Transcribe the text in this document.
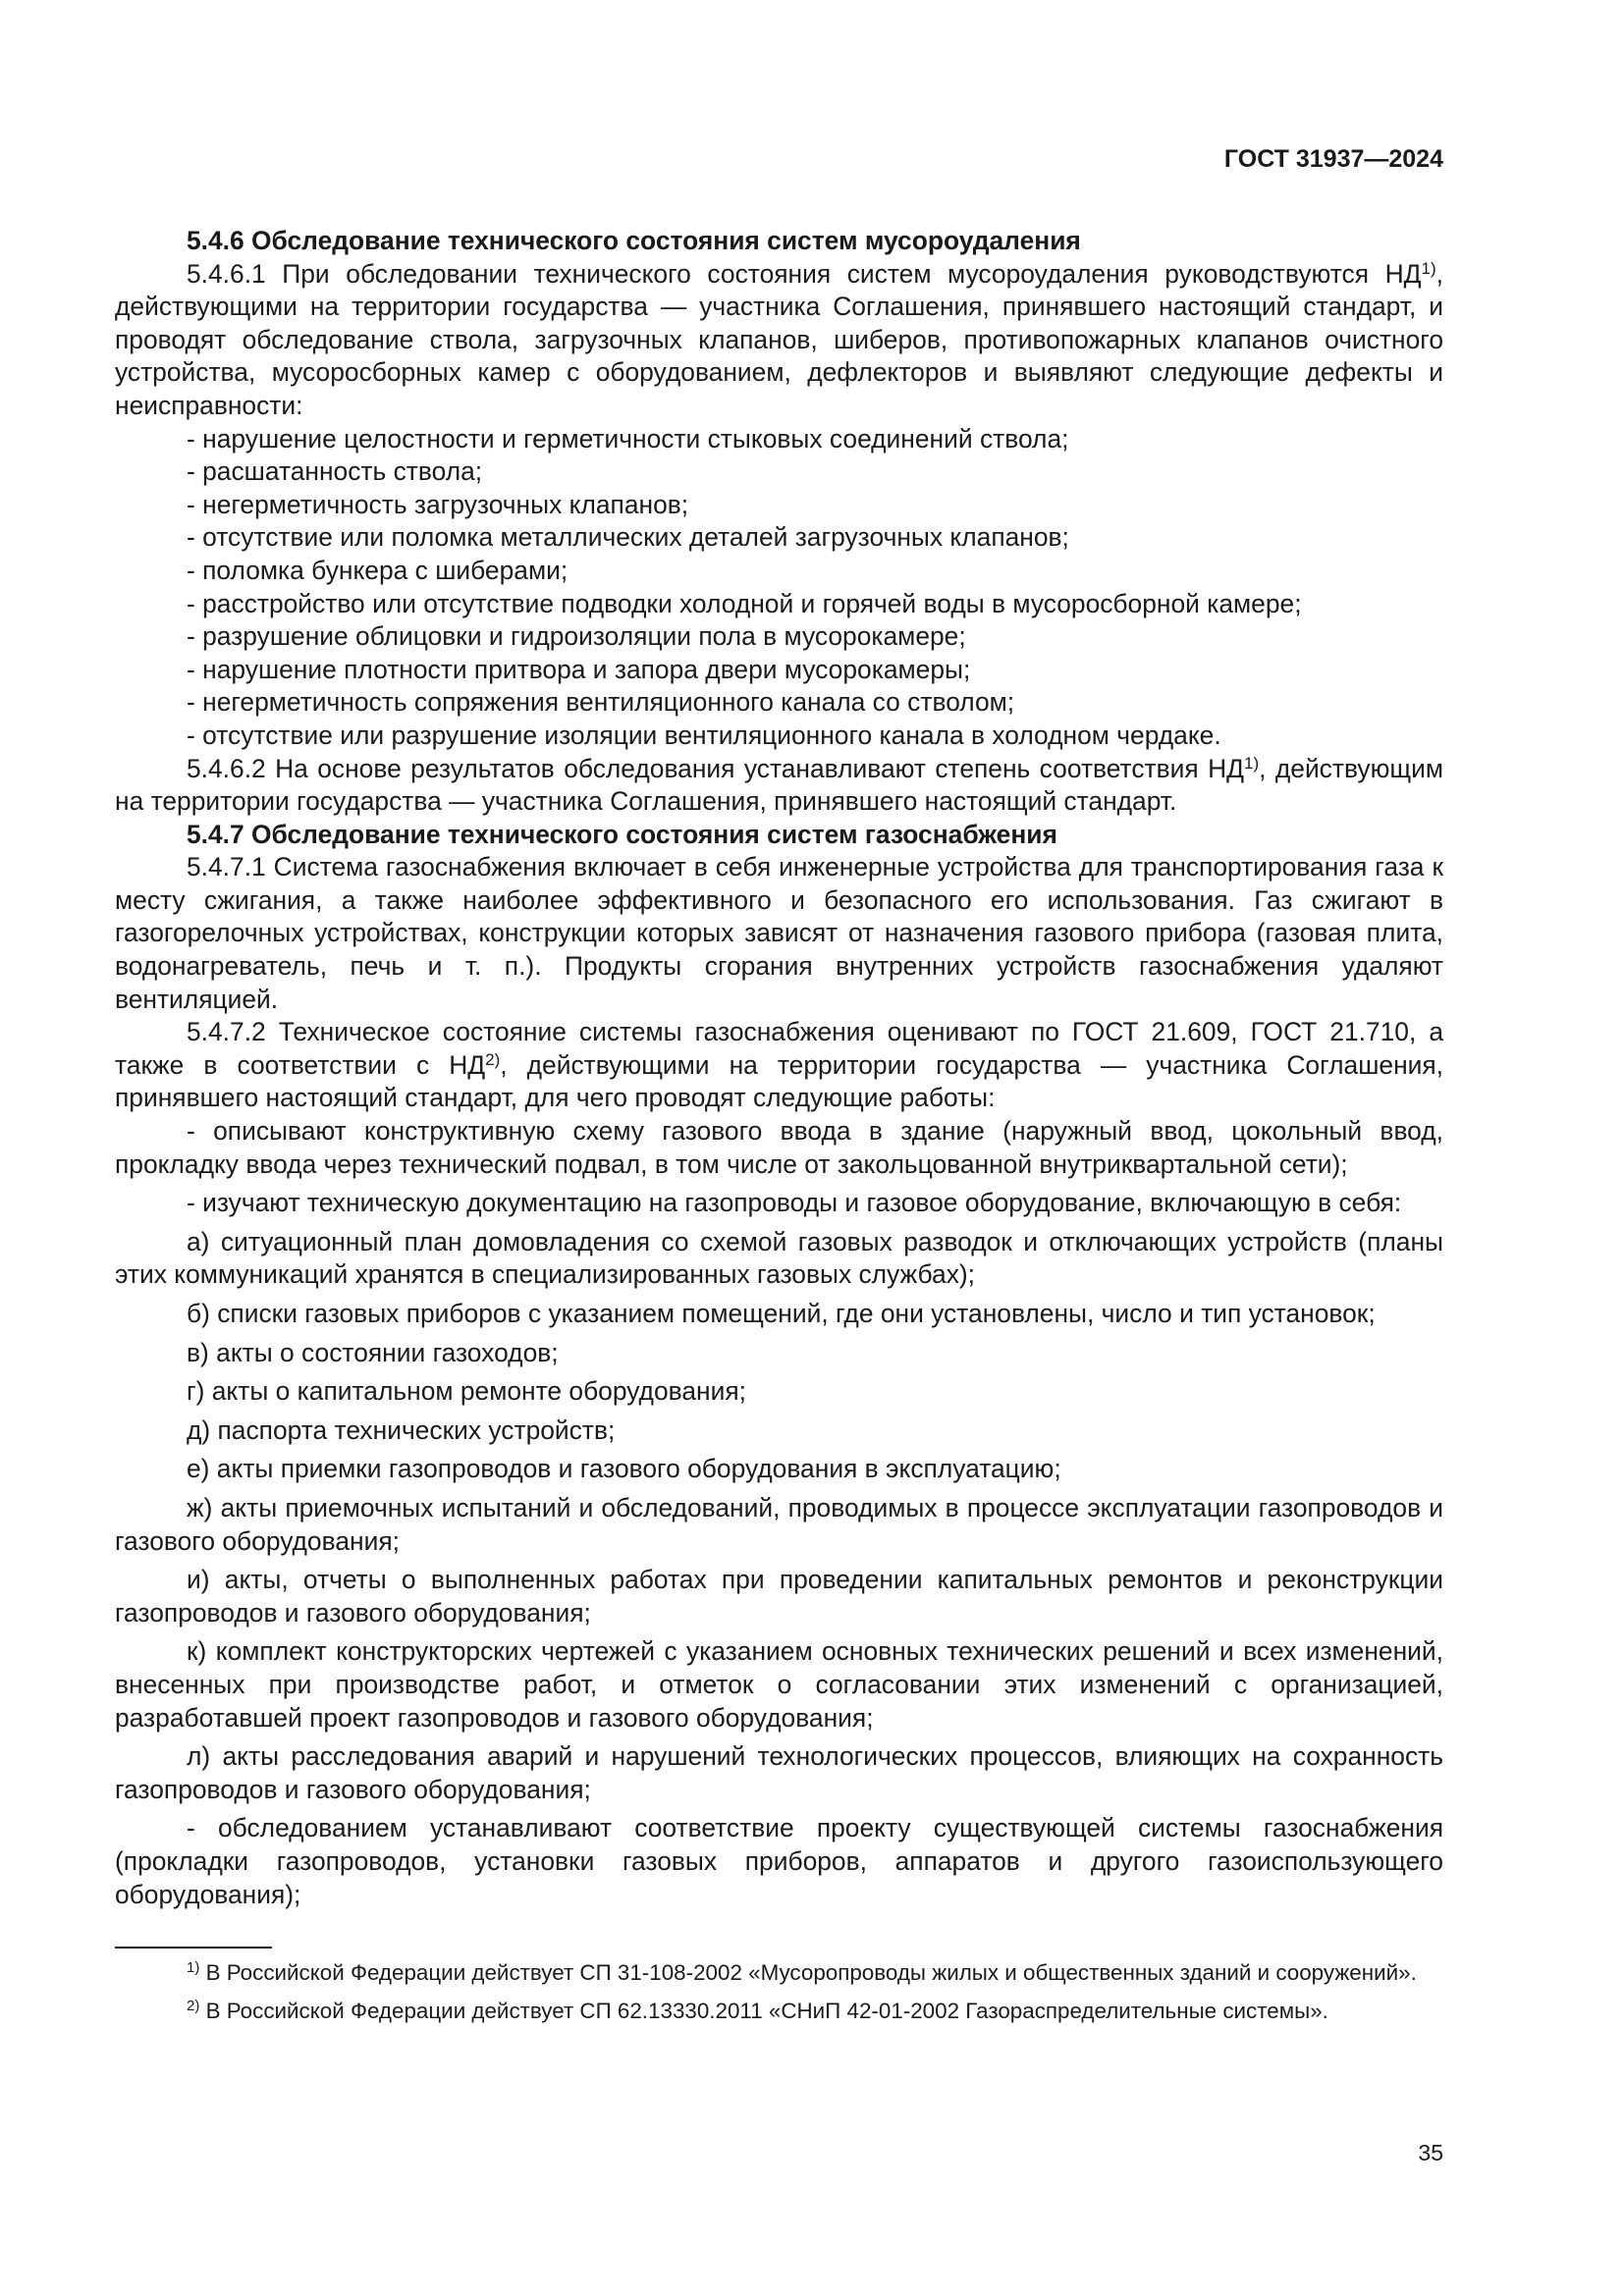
ГОСТ 31937—2024

5.4.6 Обследование технического состояния систем мусороудаления

5.4.6.1 При обследовании технического состояния систем мусороудаления руководствуются НД$^{1)}$, действующими на территории государства — участника Соглашения, принявшего настоящий стандарт, и проводят обследование ствола, загрузочных клапанов, шиберов, противопожарных клапанов очистного устройства, мусоросборных камер с оборудованием, дефлекторов и выявляют следующие дефекты и неисправности:

- нарушение целостности и герметичности стыковых соединений ствола;

- расшатанность ствола;

- негерметичность загрузочных клапанов;

- отсутствие или поломка металлических деталей загрузочных клапанов;

- поломка бункера с шиберами;

- расстройство или отсутствие подводки холодной и горячей воды в мусоросборной камере;

- разрушение облицовки и гидроизоляции пола в мусорокамере;

- нарушение плотности притвора и запора двери мусорокамеры;

- негерметичность сопряжения вентиляционного канала со стволом;

- отсутствие или разрушение изоляции вентиляционного канала в холодном чердаке.

5.4.6.2 На основе результатов обследования устанавливают степень соответствия НД$^{1)}$, действующим на территории государства — участника Соглашения, принявшего настоящий стандарт.

5.4.7 Обследование технического состояния систем газоснабжения

5.4.7.1 Система газоснабжения включает в себя инженерные устройства для транспортирования газа к месту сжигания, а также наиболее эффективного и безопасного его использования. Газ сжигают в газогорелочных устройствах, конструкции которых зависят от назначения газового прибора (газовая плита, водонагреватель, печь и т. п.). Продукты сгорания внутренних устройств газоснабжения удаляют вентиляцией.

5.4.7.2 Техническое состояние системы газоснабжения оценивают по ГОСТ 21.609, ГОСТ 21.710, а также в соответствии с НД$^{2)}$, действующими на территории государства — участника Соглашения, принявшего настоящий стандарт, для чего проводят следующие работы:

- описывают конструктивную схему газового ввода в здание (наружный ввод, цокольный ввод, прокладку ввода через технический подвал, в том числе от закольцованной внутриквартальной сети);

- изучают техническую документацию на газопроводы и газовое оборудование, включающую в себя:

а) ситуационный план домовладения со схемой газовых разводок и отключающих устройств (планы этих коммуникаций хранятся в специализированных газовых службах);

б) списки газовых приборов с указанием помещений, где они установлены, число и тип установок;

в) акты о состоянии газоходов;

г) акты о капитальном ремонте оборудования;

д) паспорта технических устройств;

е) акты приемки газопроводов и газового оборудования в эксплуатацию;

ж) акты приемочных испытаний и обследований, проводимых в процессе эксплуатации газопроводов и газового оборудования;

и) акты, отчеты о выполненных работах при проведении капитальных ремонтов и реконструкции газопроводов и газового оборудования;

к) комплект конструкторских чертежей с указанием основных технических решений и всех изменений, внесенных при производстве работ, и отметок о согласовании этих изменений с организацией, разработавшей проект газопроводов и газового оборудования;

л) акты расследования аварий и нарушений технологических процессов, влияющих на сохранность газопроводов и газового оборудования;

- обследованием устанавливают соответствие проекту существующей системы газоснабжения (прокладки газопроводов, установки газовых приборов, аппаратов и другого газоиспользующего оборудования);

$^{1)}$ В Российской Федерации действует СП 31-108-2002 «Мусоропроводы жилых и общественных зданий и сооружений».

$^{2)}$ В Российской Федерации действует СП 62.13330.2011 «СНиП 42-01-2002 Газораспределительные системы».

35
